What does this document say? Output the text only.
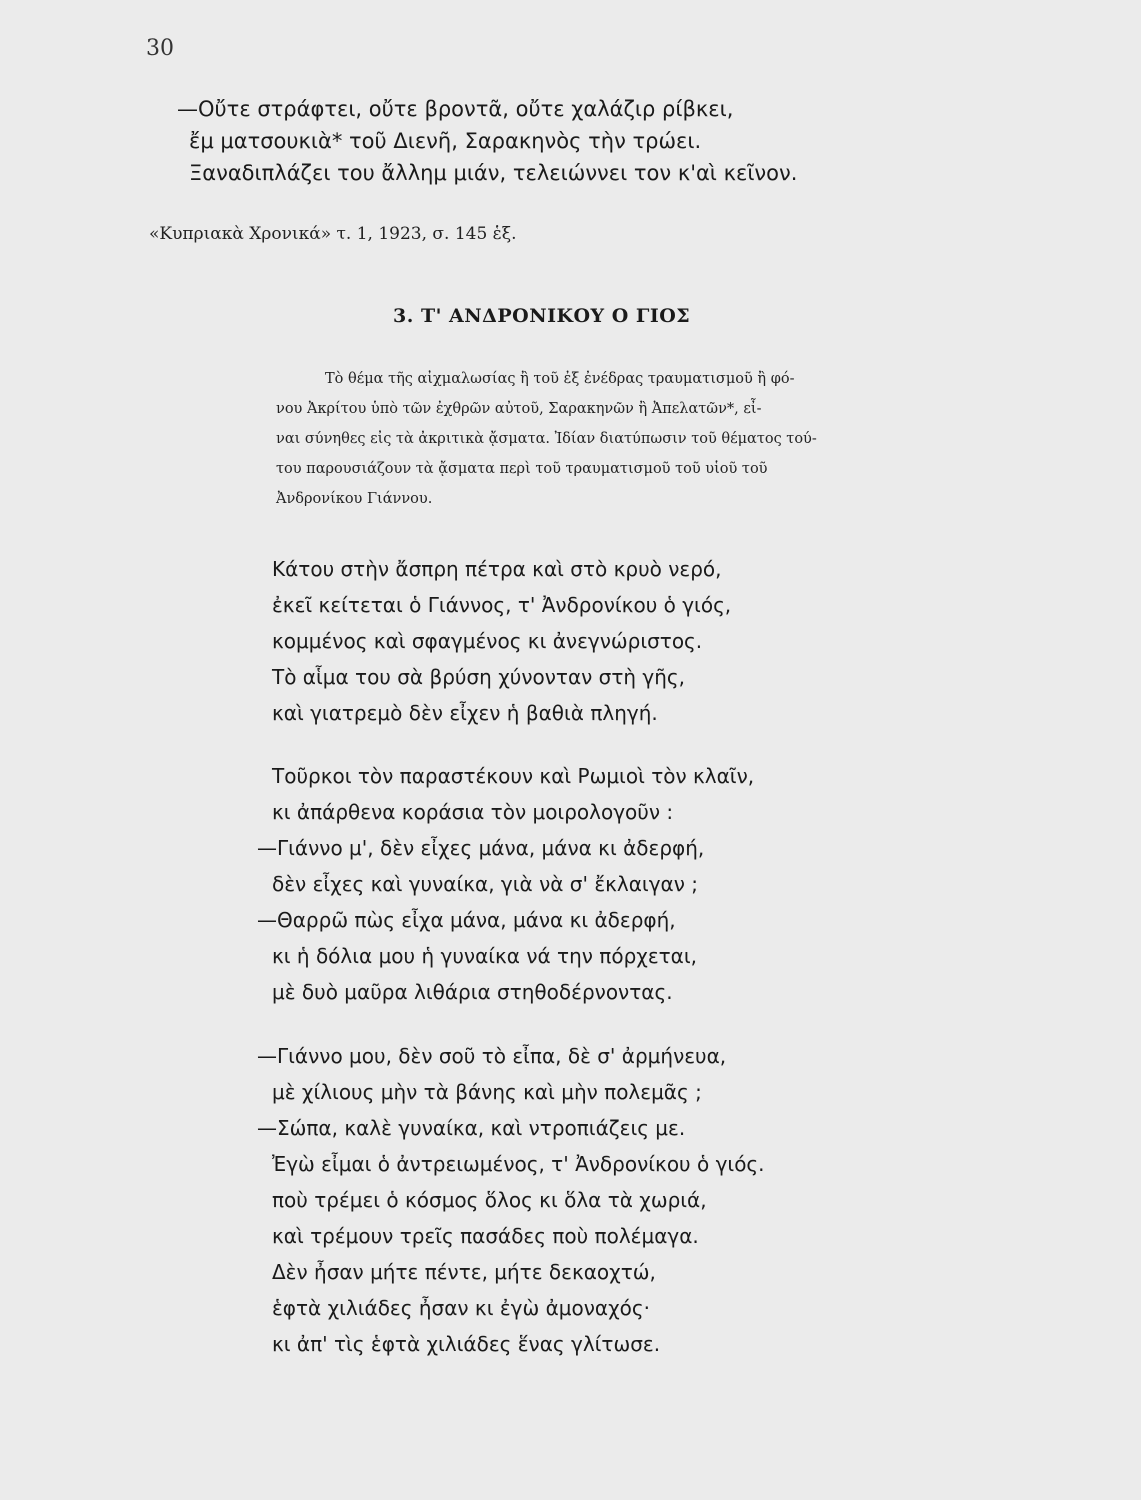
30
—Οὔτε στράφτει, οὔτε βροντᾶ, οὔτε χαλάζιρ ρίβκει,
ἔμ ματσουκιὰ* τοῦ Διενῆ, Σαρακηνὸς τὴν τρώει.
Ξαναδιπλάζει του ἄλλημ μιάν, τελειώννει τον κ'αὶ κεῖνον.
«Κυπριακὰ Χρονικά» τ. 1, 1923, σ. 145 ἑξ.
3. Τ' ΑΝΔΡΟΝΙΚΟΥ Ο ΓΙΟΣ
Τὸ θέμα τῆς αἰχμαλωσίας ἢ τοῦ ἐξ ἐνέδρας τραυματισμοῦ ἢ φό-
νου Ἀκρίτου ὑπὸ τῶν ἐχθρῶν αὐτοῦ, Σαρακηνῶν ἢ Ἀπελατῶν*, εἶ-
ναι σύνηθες εἰς τὰ ἀκριτικὰ ᾄσματα. Ἰδίαν διατύπωσιν τοῦ θέματος τού-
του παρουσιάζουν τὰ ᾄσματα περὶ τοῦ τραυματισμοῦ τοῦ υἱοῦ τοῦ
Ἀνδρονίκου Γιάννου.
Κάτου στὴν ἄσπρη πέτρα καὶ στὸ κρυὸ νερό,
ἐκεῖ κείτεται ὁ Γιάννος, τ' Ἀνδρονίκου ὁ γιός,
κομμένος καὶ σφαγμένος κι ἀνεγνώριστος.
Τὸ αἷμα του σὰ βρύση χύνονταν στὴ γῆς,
καὶ γιατρεμὸ δὲν εἶχεν ἡ βαθιὰ πληγή.
Τοῦρκοι τὸν παραστέκουν καὶ Ρωμιοὶ τὸν κλαῖν,
κι ἀπάρθενα κοράσια τὸν μοιρολογοῦν :
—Γιάννο μ', δὲν εἶχες μάνα, μάνα κι ἀδερφή,
δὲν εἶχες καὶ γυναίκα, γιὰ νὰ σ' ἔκλαιγαν ;
—Θαρρῶ πὼς εἶχα μάνα, μάνα κι ἀδερφή,
κι ἡ δόλια μου ἡ γυναίκα νά την πόρχεται,
μὲ δυὸ μαῦρα λιθάρια στηθοδέρνοντας.
—Γιάννο μου, δὲν σοῦ τὸ εἶπα, δὲ σ' ἀρμήνευα,
μὲ χίλιους μὴν τὰ βάνης καὶ μὴν πολεμᾶς ;
—Σώπα, καλὲ γυναίκα, καὶ ντροπιάζεις με.
Ἐγὼ εἶμαι ὁ ἀντρειωμένος, τ' Ἀνδρονίκου ὁ γιός.
ποὺ τρέμει ὁ κόσμος ὅλος κι ὅλα τὰ χωριά,
καὶ τρέμουν τρεῖς πασάδες ποὺ πολέμαγα.
Δὲν ἦσαν μήτε πέντε, μήτε δεκαοχτώ,
ἑφτὰ χιλιάδες ἦσαν κι ἐγὼ ἀμοναχός·
κι ἀπ' τὶς ἑφτὰ χιλιάδες ἕνας γλίτωσε.
